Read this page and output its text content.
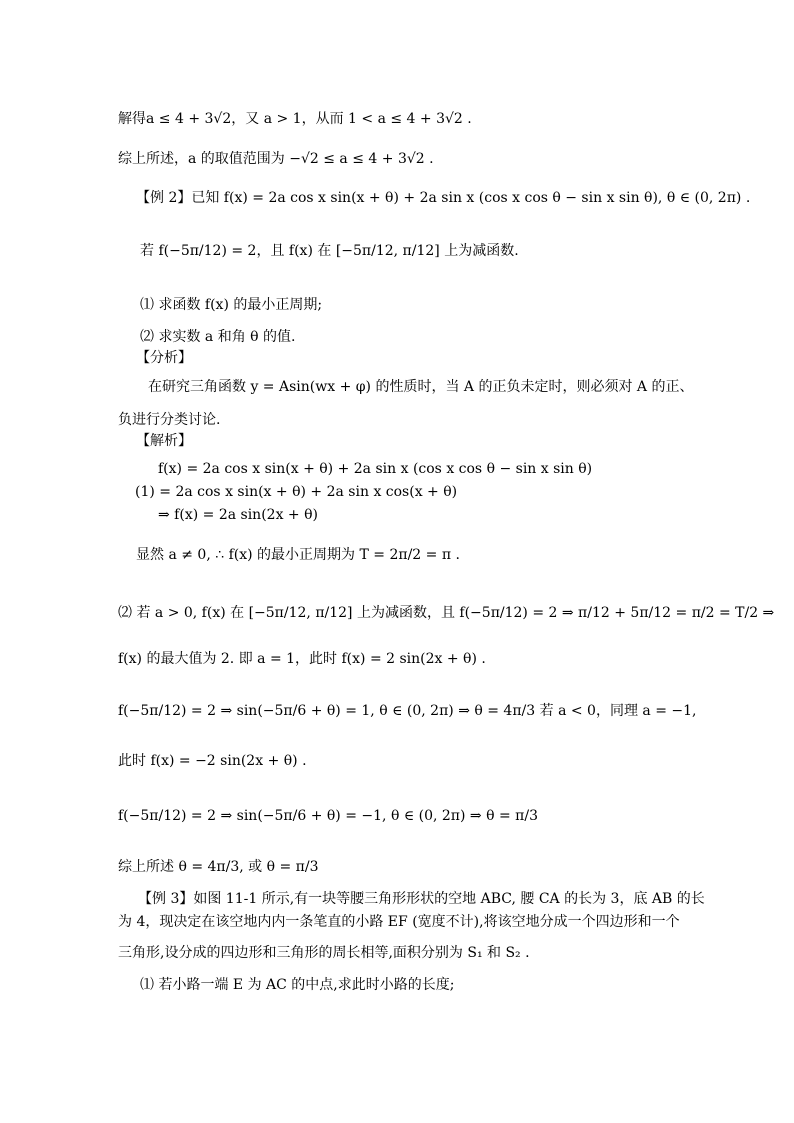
解得a ≤ 4 + 3√2，又 a > 1，从而 1 < a ≤ 4 + 3√2 .
综上所述，a 的取值范围为 −√2 ≤ a ≤ 4 + 3√2 .
【例 2】已知 f(x) = 2a cos x sin(x + θ) + 2a sin x (cos x cos θ − sin x sin θ), θ ∈ (0, 2π) .
若 f(−5π/12) = 2，且 f(x) 在 [−5π/12, π/12] 上为减函数.
⑴ 求函数 f(x) 的最小正周期;
⑵ 求实数 a 和角 θ 的值.
【分析】
在研究三角函数 y = Asin(wx + φ) 的性质时，当 A 的正负未定时，则必须对 A 的正、
负进行分类讨论.
【解析】
f(x) = 2a cos x sin(x + θ) + 2a sin x (cos x cos θ − sin x sin θ)
(1) = 2a cos x sin(x + θ) + 2a sin x cos(x + θ)
⇒ f(x) = 2a sin(2x + θ)
显然 a ≠ 0, ∴ f(x) 的最小正周期为 T = 2π/2 = π .
⑵ 若 a > 0, f(x) 在 [−5π/12, π/12] 上为减函数，且 f(−5π/12) = 2 ⇒ π/12 + 5π/12 = π/2 = T/2 ⇒
f(x) 的最大值为 2. 即 a = 1，此时 f(x) = 2 sin(2x + θ) .
f(−5π/12) = 2 ⇒ sin(−5π/6 + θ) = 1, θ ∈ (0, 2π) ⇒ θ = 4π/3 若 a < 0，同理 a = −1,
此时 f(x) = −2 sin(2x + θ) .
f(−5π/12) = 2 ⇒ sin(−5π/6 + θ) = −1, θ ∈ (0, 2π) ⇒ θ = π/3
综上所述 θ = 4π/3, 或 θ = π/3
【例 3】如图 11-1 所示,有一块等腰三角形形状的空地 ABC, 腰 CA 的长为 3，底 AB 的长
为 4，现决定在该空地内内一条笔直的小路 EF (宽度不计),将该空地分成一个四边形和一个
三角形,设分成的四边形和三角形的周长相等,面积分别为 S₁ 和 S₂ .
⑴ 若小路一端 E 为 AC 的中点,求此时小路的长度;
